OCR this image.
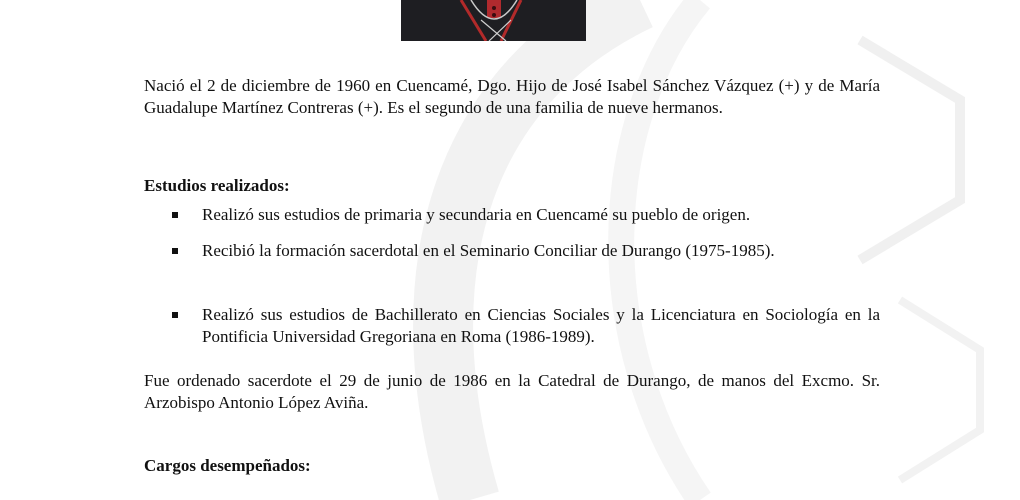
Nació el 2 de diciembre de 1960 en Cuencamé, Dgo. Hijo de José Isabel Sánchez Vázquez (+) y de María Guadalupe Martínez Contreras (+). Es el segundo de una familia de nueve hermanos.

Estudios realizados:

Realizó sus estudios de primaria y secundaria en Cuencamé su pueblo de origen.

Recibió la formación sacerdotal en el Seminario Conciliar de Durango (1975-1985).

Realizó sus estudios de Bachillerato en Ciencias Sociales y la Licenciatura en Sociología en la Pontificia Universidad Gregoriana en Roma (1986-1989).

Fue ordenado sacerdote el 29 de junio de 1986 en la Catedral de Durango, de manos del Excmo. Sr. Arzobispo Antonio López Aviña.

Cargos desempeñados:
